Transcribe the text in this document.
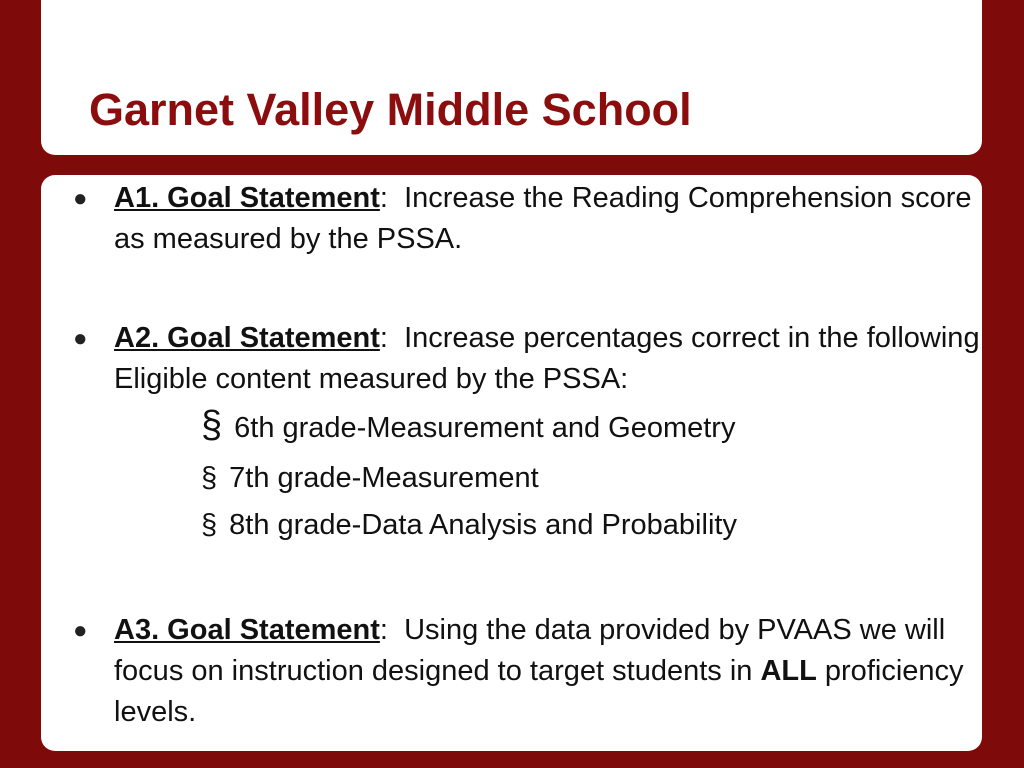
Garnet Valley Middle School
● A1. Goal Statement:  Increase the Reading Comprehension score as measured by the PSSA.
● A2. Goal Statement:  Increase percentages correct in the following Eligible content measured by the PSSA:
§ 6th grade-Measurement and Geometry
§ 7th grade-Measurement
§ 8th grade-Data Analysis and Probability
● A3. Goal Statement:  Using the data provided by PVAAS we will focus on instruction designed to target students in ALL proficiency levels.
